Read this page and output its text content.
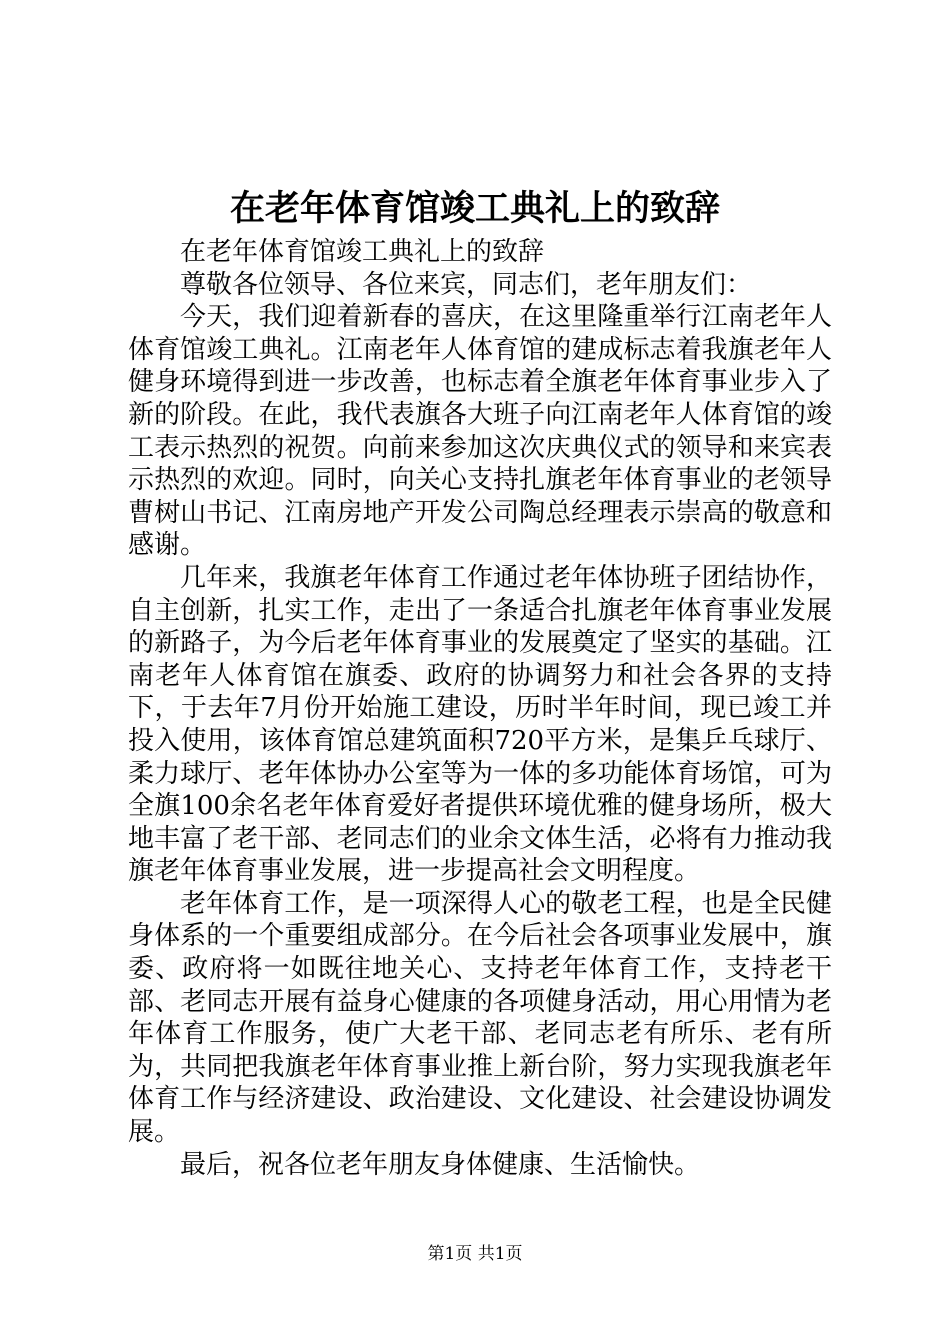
在老年体育馆竣工典礼上的致辞

在老年体育馆竣工典礼上的致辞

尊敬各位领导、各位来宾，同志们，老年朋友们：

今天，我们迎着新春的喜庆，在这里隆重举行江南老年人体育馆竣工典礼。江南老年人体育馆的建成标志着我旗老年人健身环境得到进一步改善，也标志着全旗老年体育事业步入了新的阶段。在此，我代表旗各大班子向江南老年人体育馆的竣工表示热烈的祝贺。向前来参加这次庆典仪式的领导和来宾表示热烈的欢迎。同时，向关心支持扎旗老年体育事业的老领导曹树山书记、江南房地产开发公司陶总经理表示崇高的敬意和感谢。

几年来，我旗老年体育工作通过老年体协班子团结协作，自主创新，扎实工作，走出了一条适合扎旗老年体育事业发展的新路子，为今后老年体育事业的发展奠定了坚实的基础。江南老年人体育馆在旗委、政府的协调努力和社会各界的支持下，于去年7月份开始施工建设，历时半年时间，现已竣工并投入使用，该体育馆总建筑面积720平方米，是集乒乓球厅、柔力球厅、老年体协办公室等为一体的多功能体育场馆，可为全旗100余名老年体育爱好者提供环境优雅的健身场所，极大地丰富了老干部、老同志们的业余文体生活，必将有力推动我旗老年体育事业发展，进一步提高社会文明程度。

老年体育工作，是一项深得人心的敬老工程，也是全民健身体系的一个重要组成部分。在今后社会各项事业发展中，旗委、政府将一如既往地关心、支持老年体育工作，支持老干部、老同志开展有益身心健康的各项健身活动，用心用情为老年体育工作服务，使广大老干部、老同志老有所乐、老有所为，共同把我旗老年体育事业推上新台阶，努力实现我旗老年体育工作与经济建设、政治建设、文化建设、社会建设协调发展。

最后，祝各位老年朋友身体健康、生活愉快。

第1页 共1页
